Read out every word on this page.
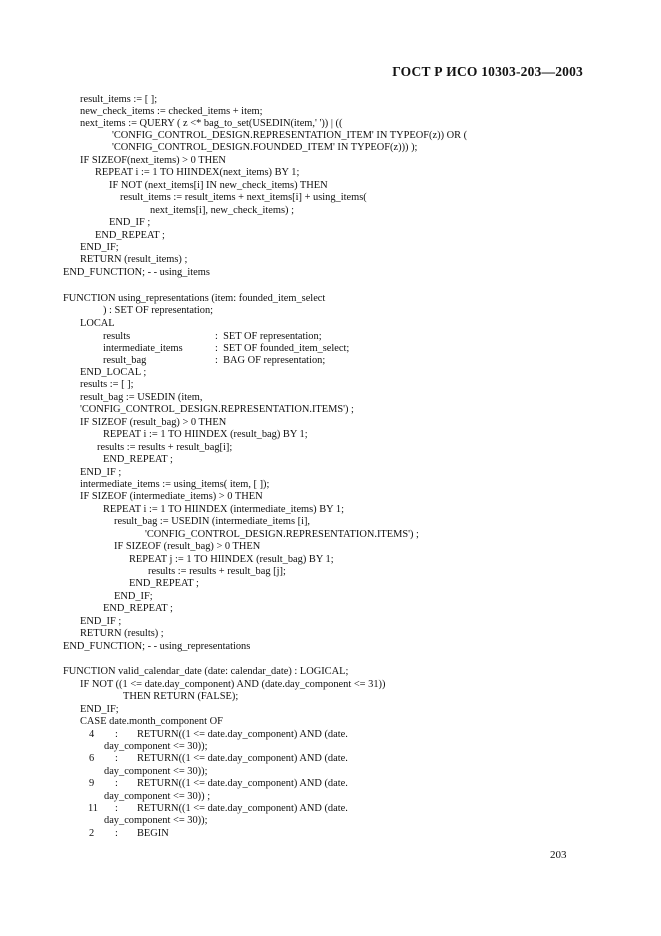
ГОСТ Р ИСО 10303-203—2003
result_items := [ ];
new_check_items := checked_items + item;
next_items := QUERY ( z <* bag_to_set(USEDIN(item,' ')) | ((
'CONFIG_CONTROL_DESIGN.REPRESENTATION_ITEM' IN TYPEOF(z)) OR (
'CONFIG_CONTROL_DESIGN.FOUNDED_ITEM' IN TYPEOF(z))) );
IF SIZEOF(next_items) > 0 THEN
REPEAT i := 1 TO HIINDEX(next_items) BY 1;
IF NOT (next_items[i] IN new_check_items) THEN
result_items := result_items + next_items[i] + using_items(
next_items[i], new_check_items) ;
END_IF ;
END_REPEAT ;
END_IF;
RETURN (result_items) ;
END_FUNCTION; - - using_items
FUNCTION using_representations (item: founded_item_select
) : SET OF representation;
LOCAL
results	:  SET OF representation;
intermediate_items	:  SET OF founded_item_select;
result_bag	:  BAG OF representation;
END_LOCAL ;
results := [ ];
result_bag := USEDIN (item,
'CONFIG_CONTROL_DESIGN.REPRESENTATION.ITEMS') ;
IF SIZEOF (result_bag) > 0 THEN
REPEAT i := 1 TO HIINDEX (result_bag) BY 1;
results := results + result_bag[i];
END_REPEAT ;
END_IF ;
intermediate_items := using_items( item, [ ]);
IF SIZEOF (intermediate_items) > 0 THEN
REPEAT i := 1 TO HIINDEX (intermediate_items) BY 1;
result_bag := USEDIN (intermediate_items [i],
'CONFIG_CONTROL_DESIGN.REPRESENTATION.ITEMS') ;
IF SIZEOF (result_bag) > 0 THEN
REPEAT j := 1 TO HIINDEX (result_bag) BY 1;
results := results + result_bag [j];
END_REPEAT ;
END_IF;
END_REPEAT ;
END_IF ;
RETURN (results) ;
END_FUNCTION; - - using_representations
FUNCTION valid_calendar_date (date: calendar_date) : LOGICAL;
IF NOT ((1 <= date.day_component) AND (date.day_component <= 31))
THEN RETURN (FALSE);
END_IF;
CASE date.month_component OF
4 : RETURN((1 <= date.day_component) AND (date.
day_component <= 30));
6 : RETURN((1 <= date.day_component) AND (date.
day_component <= 30));
9 : RETURN((1 <= date.day_component) AND (date.
day_component <= 30)) ;
11 : RETURN((1 <= date.day_component) AND (date.
day_component <= 30));
2 : BEGIN
203
